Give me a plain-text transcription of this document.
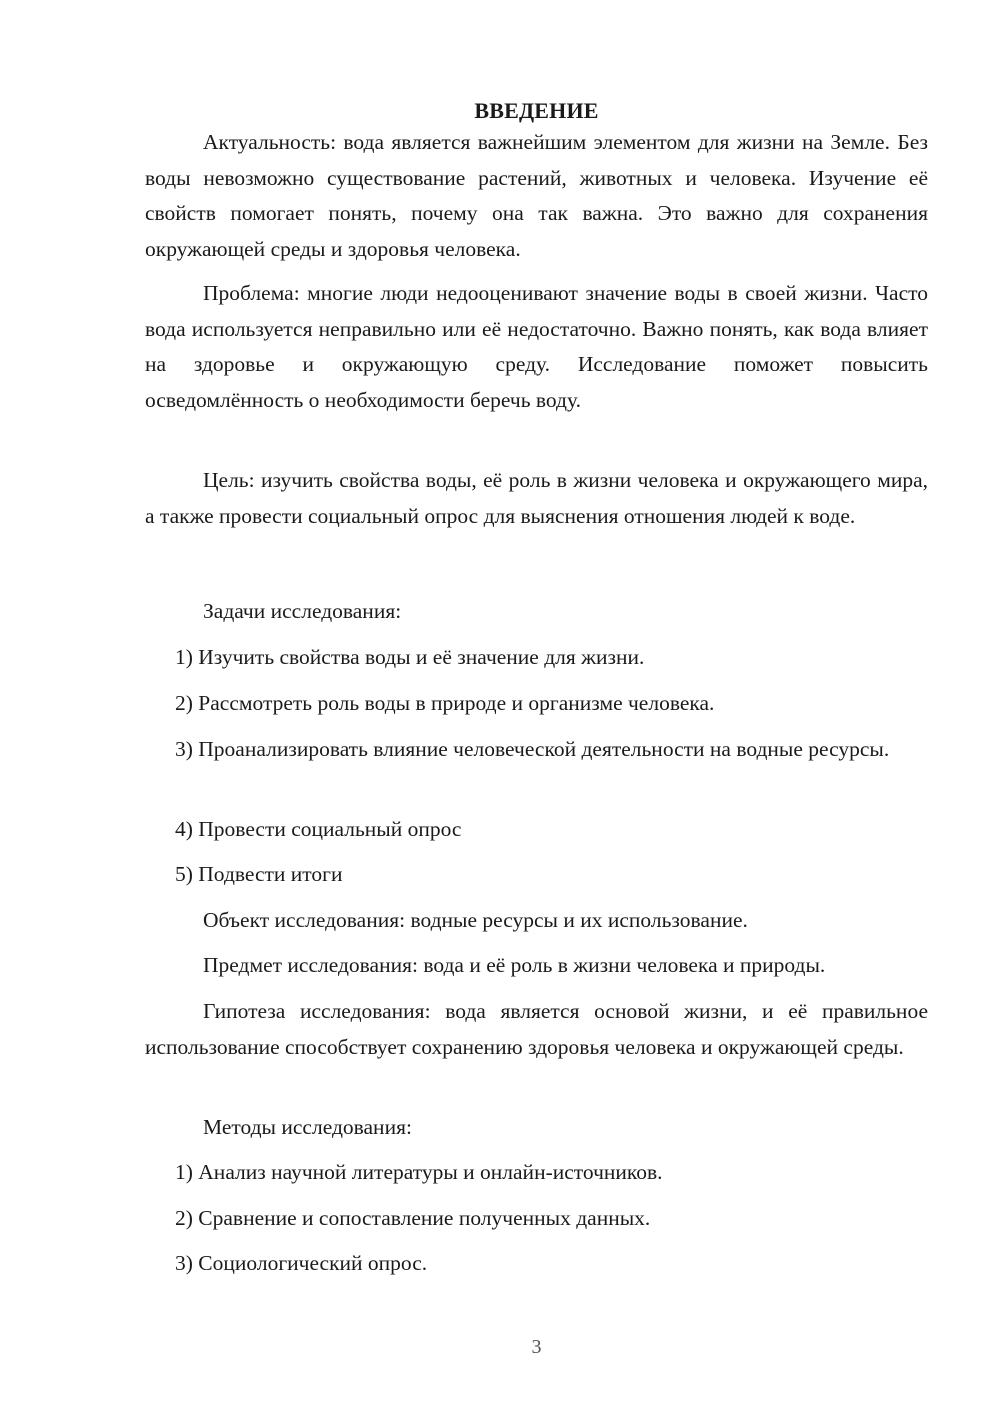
ВВЕДЕНИЕ

Актуальность: вода является важнейшим элементом для жизни на Земле. Без воды невозможно существование растений, животных и человека. Изучение её свойств помогает понять, почему она так важна. Это важно для сохранения окружающей среды и здоровья человека.

Проблема: многие люди недооценивают значение воды в своей жизни. Часто вода используется неправильно или её недостаточно. Важно понять, как вода влияет на здоровье и окружающую среду. Исследование поможет повысить осведомлённость о необходимости беречь воду.

Цель: изучить свойства воды, её роль в жизни человека и окружающего мира, а также провести социальный опрос для выяснения отношения людей к воде.

Задачи исследования:

1) Изучить свойства воды и её значение для жизни.

2) Рассмотреть роль воды в природе и организме человека.

3) Проанализировать влияние человеческой деятельности на водные ресурсы.

4) Провести социальный опрос

5) Подвести итоги

Объект исследования: водные ресурсы и их использование.

Предмет исследования: вода и её роль в жизни человека и природы.

Гипотеза исследования: вода является основой жизни, и её правильное использование способствует сохранению здоровья человека и окружающей среды.

Методы исследования:

1) Анализ научной литературы и онлайн-источников.

2) Сравнение и сопоставление полученных данных.

3) Социологический опрос.

3
